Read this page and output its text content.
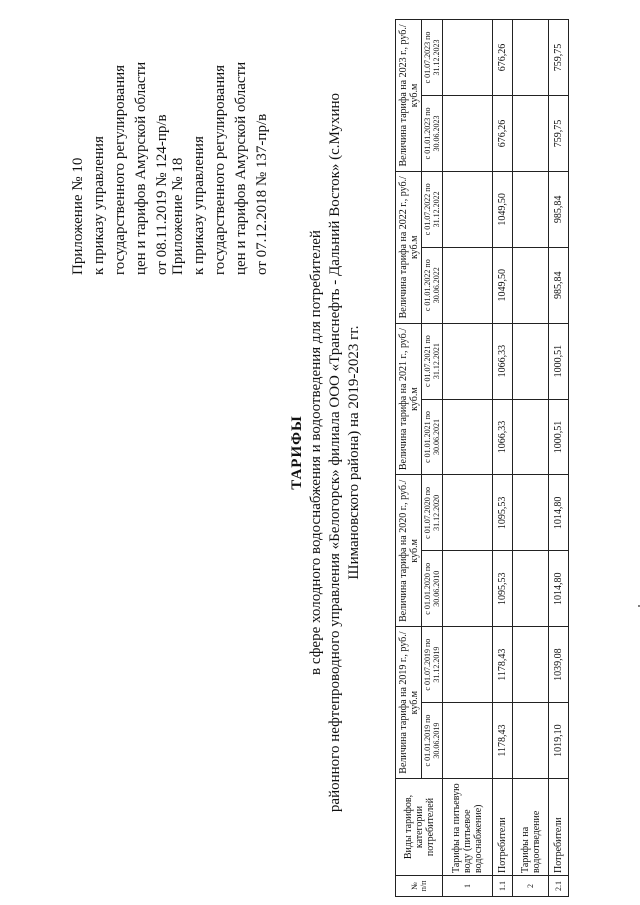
Приложение № 10 к приказу управления государственного регулирования цен и тарифов Амурской области от 08.11.2019 № 124-пр/в Приложение № 18 к приказу управления государственного регулирования цен и тарифов Амурской области от 07.12.2018 № 137-пр/в
ТАРИФЫ в сфере холодного водоснабжения и водоотведения для потребителей районного нефтепроводного управления «Белогорск» филиала ООО «Транснефть - Дальний Восток» (с.Мухино Шимановского района) на 2019-2023 гг.
№ п/п	Виды тарифов, категории потребителей	Величина тарифа на 2019 г., руб./куб.м		Величина тарифа на 2020 г., руб./куб.м		Величина тарифа на 2021 г., руб./куб.м		Величина тарифа на 2022 г., руб./куб.м		Величина тарифа на 2023 г., руб./куб.м	
		с 01.01.2019 по 30.06.2019	с 01.07.2019 по 31.12.2019	с 01.01.2020 по 30.06.2010	с 01.07.2020 по 31.12.2020	с 01.01.2021 по 30.06.2021	с 01.07.2021 по 31.12.2021	с 01.01.2022 по 30.06.2022	с 01.07.2022 по 31.12.2022	с 01.01.2023 по 30.06.2023	с 01.07.2023 по 31.12.2023
1	Тарифы на питьевую воду (питьевое водоснабжение)										
1.1	Потребители	1178,43	1178,43	1095,53	1095,53	1066,33	1066,33	1049,50	1049,50	676,26	676,26
2	Тарифы на водоотведение										
2.1	Потребители	1019,10	1039,08	1014,80	1014,80	1000,51	1000,51	985,84	985,84	759,75	759,75
